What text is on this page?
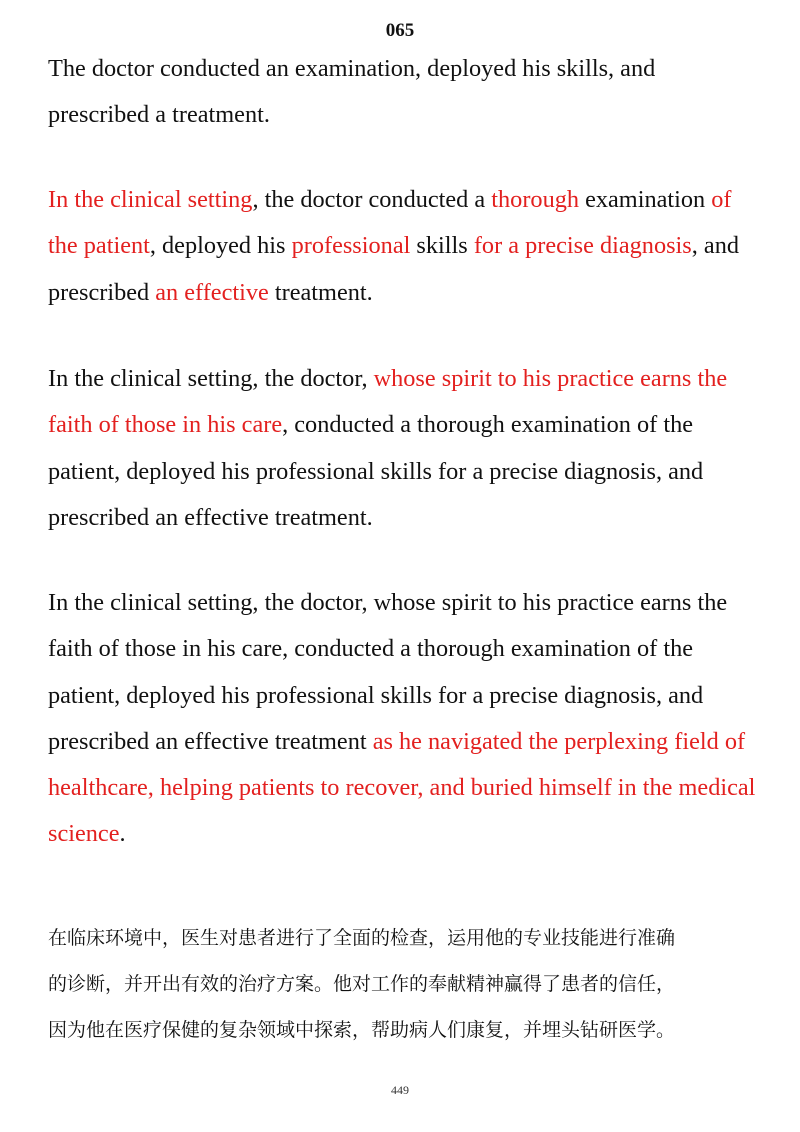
065

The doctor conducted an examination, deployed his skills, and prescribed a treatment.

In the clinical setting, the doctor conducted a thorough examination of the patient, deployed his professional skills for a precise diagnosis, and prescribed an effective treatment.

In the clinical setting, the doctor, whose spirit to his practice earns the faith of those in his care, conducted a thorough examination of the patient, deployed his professional skills for a precise diagnosis, and prescribed an effective treatment.

In the clinical setting, the doctor, whose spirit to his practice earns the faith of those in his care, conducted a thorough examination of the patient, deployed his professional skills for a precise diagnosis, and prescribed an effective treatment as he navigated the perplexing field of healthcare, helping patients to recover, and buried himself in the medical science.

在临床环境中，医生对患者进行了全面的检查，运用他的专业技能进行准确
的诊断，并开出有效的治疗方案。他对工作的奉献精神赢得了患者的信任，
因为他在医疗保健的复杂领域中探索，帮助病人们康复，并埋头钻研医学。
449
